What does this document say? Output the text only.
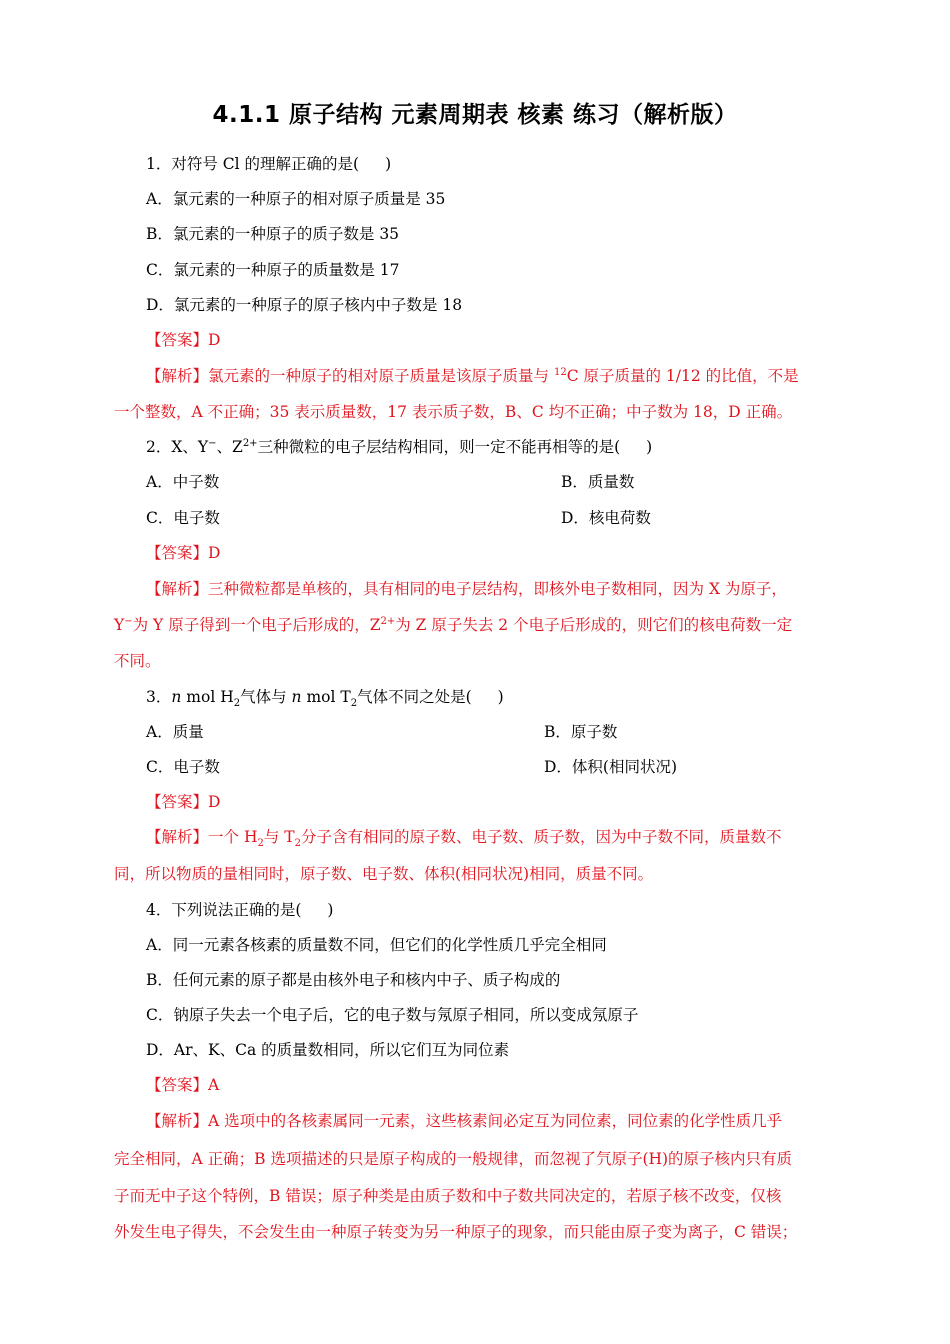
4.1.1 原子结构 元素周期表 核素 练习（解析版）
1．对符号 Cl 的理解正确的是( )
A．氯元素的一种原子的相对原子质量是 35
B．氯元素的一种原子的质子数是 35
C．氯元素的一种原子的质量数是 17
D．氯元素的一种原子的原子核内中子数是 18
【答案】D
【解析】氯元素的一种原子的相对原子质量是该原子质量与 $^{12}$C 原子质量的 1/12 的比值，不是
一个整数，A 不正确；35 表示质量数，17 表示质子数，B、C 均不正确；中子数为 18，D 正确。
2．X、Y−、$Z^{2+}$三种微粒的电子层结构相同，则一定不能再相等的是( )
A．中子数	B．质量数
C．电子数	D．核电荷数
【答案】D
【解析】三种微粒都是单核的，具有相同的电子层结构，即核外电子数相同，因为 X 为原子，
Y−为 Y 原子得到一个电子后形成的，$Z^{2+}$为 Z 原子失去 2 个电子后形成的，则它们的核电荷数一定
不同。
3．n mol $H_2$气体与 n mol $T_2$气体不同之处是( )
A．质量	B．原子数
C．电子数	D．体积(相同状况)
【答案】D
【解析】一个 $H_2$与 $T_2$分子含有相同的原子数、电子数、质子数，因为中子数不同，质量数不
同，所以物质的量相同时，原子数、电子数、体积(相同状况)相同，质量不同。
4．下列说法正确的是( )
A．同一元素各核素的质量数不同，但它们的化学性质几乎完全相同
B．任何元素的原子都是由核外电子和核内中子、质子构成的
C．钠原子失去一个电子后，它的电子数与氖原子相同，所以变成氖原子
D．Ar、K、Ca 的质量数相同，所以它们互为同位素
【答案】A
【解析】A 选项中的各核素属同一元素，这些核素间必定互为同位素，同位素的化学性质几乎
完全相同，A 正确；B 选项描述的只是原子构成的一般规律，而忽视了氕原子(H)的原子核内只有质
子而无中子这个特例，B 错误；原子种类是由质子数和中子数共同决定的，若原子核不改变，仅核
外发生电子得失，不会发生由一种原子转变为另一种原子的现象，而只能由原子变为离子，C 错误；
